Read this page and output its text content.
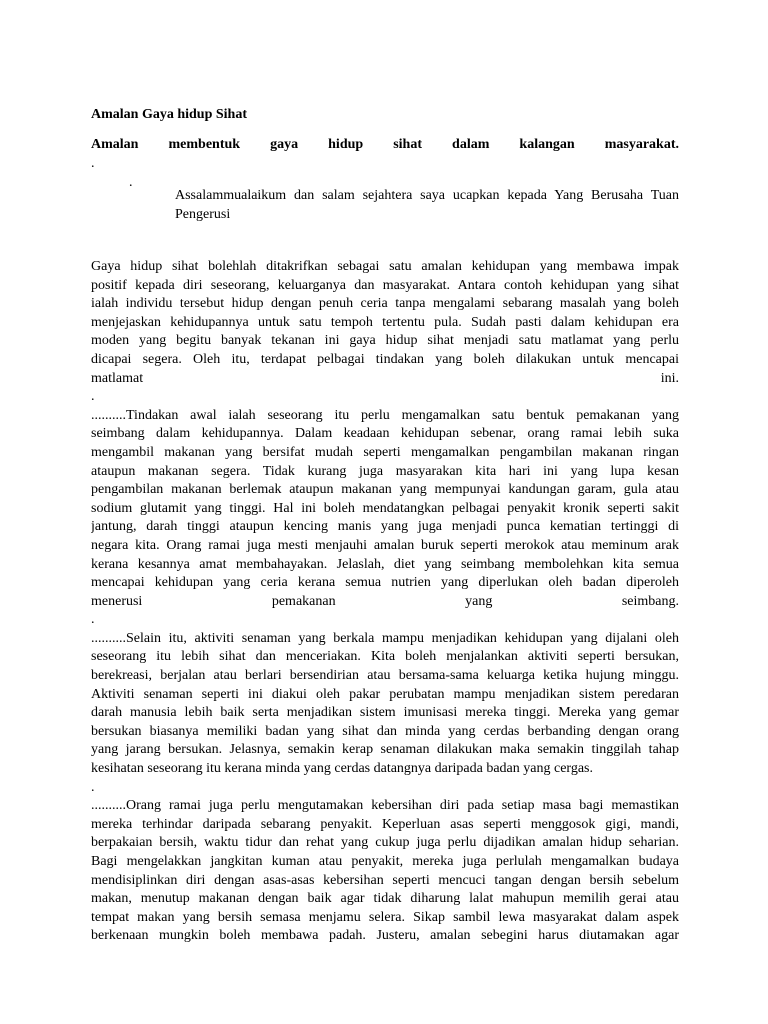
Amalan Gaya hidup Sihat
Amalan membentuk gaya hidup sihat dalam kalangan masyarakat.
.
.
Assalammualaikum dan salam sejahtera saya ucapkan kepada Yang Berusaha Tuan Pengerusi
Gaya hidup sihat bolehlah ditakrifkan sebagai satu amalan kehidupan yang membawa impak
positif kepada diri seseorang, keluarganya dan masyarakat. Antara contoh kehidupan yang sihat
ialah individu tersebut hidup dengan penuh ceria tanpa mengalami sebarang masalah yang boleh
menjejaskan kehidupannya untuk satu tempoh tertentu pula. Sudah pasti dalam kehidupan era
moden yang begitu banyak tekanan ini gaya hidup sihat menjadi satu matlamat yang perlu
dicapai segera. Oleh itu, terdapat pelbagai tindakan yang boleh dilakukan untuk mencapai
matlamat ini.
.
..........Tindakan awal ialah seseorang itu perlu mengamalkan satu bentuk pemakanan yang
seimbang dalam kehidupannya. Dalam keadaan kehidupan sebenar, orang ramai lebih suka
mengambil makanan yang bersifat mudah seperti mengamalkan pengambilan makanan ringan
ataupun makanan segera. Tidak kurang juga masyarakan kita hari ini yang lupa kesan
pengambilan makanan berlemak ataupun makanan yang mempunyai kandungan garam, gula atau
sodium glutamit yang tinggi. Hal ini boleh mendatangkan pelbagai penyakit kronik seperti sakit
jantung, darah tinggi ataupun kencing manis yang juga menjadi punca kematian tertinggi di
negara kita. Orang ramai juga mesti menjauhi amalan buruk seperti merokok atau meminum arak
kerana kesannya amat membahayakan. Jelaslah, diet yang seimbang membolehkan kita semua
mencapai kehidupan yang ceria kerana semua nutrien yang diperlukan oleh badan diperoleh
menerusi pemakanan yang seimbang.
.
..........Selain itu, aktiviti senaman yang berkala mampu menjadikan kehidupan yang dijalani oleh
seseorang itu lebih sihat dan menceriakan. Kita boleh menjalankan aktiviti seperti bersukan,
berekreasi, berjalan atau berlari bersendirian atau bersama-sama keluarga ketika hujung minggu.
Aktiviti senaman seperti ini diakui oleh pakar perubatan mampu menjadikan sistem peredaran
darah manusia lebih baik serta menjadikan sistem imunisasi mereka tinggi. Mereka yang gemar
bersukan biasanya memiliki badan yang sihat dan minda yang cerdas berbanding dengan orang
yang jarang bersukan. Jelasnya, semakin kerap senaman dilakukan maka semakin tinggilah tahap
kesihatan seseorang itu kerana minda yang cerdas datangnya daripada badan yang cergas.
.
..........Orang ramai juga perlu mengutamakan kebersihan diri pada setiap masa bagi memastikan
mereka terhindar daripada sebarang penyakit. Keperluan asas seperti menggosok gigi, mandi,
berpakaian bersih, waktu tidur dan rehat yang cukup juga perlu dijadikan amalan hidup seharian.
Bagi mengelakkan jangkitan kuman atau penyakit, mereka juga perlulah mengamalkan budaya
mendisiplinkan diri dengan asas-asas kebersihan seperti mencuci tangan dengan bersih sebelum
makan, menutup makanan dengan baik agar tidak diharung lalat mahupun memilih gerai atau
tempat makan yang bersih semasa menjamu selera. Sikap sambil lewa masyarakat dalam aspek
berkenaan mungkin boleh membawa padah. Justeru, amalan sebegini harus diutamakan agar
